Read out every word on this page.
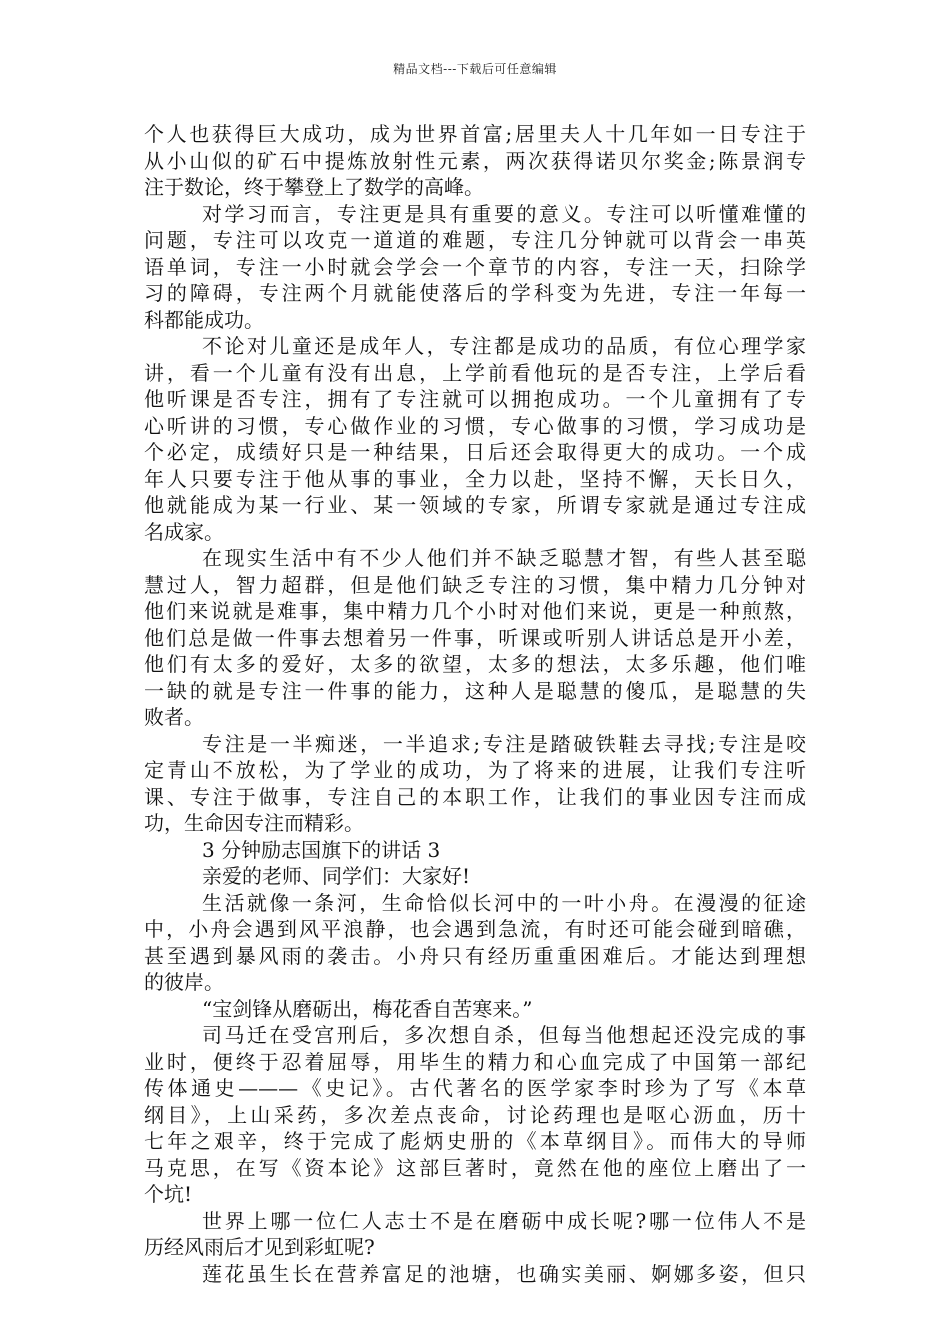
精品文档---下载后可任意编辑
个人也获得巨大成功，成为世界首富;居里夫人十几年如一日专注于
从小山似的矿石中提炼放射性元素，两次获得诺贝尔奖金;陈景润专
注于数论，终于攀登上了数学的高峰。
对学习而言，专注更是具有重要的意义。专注可以听懂难懂的
问题，专注可以攻克一道道的难题，专注几分钟就可以背会一串英
语单词，专注一小时就会学会一个章节的内容，专注一天，扫除学
习的障碍，专注两个月就能使落后的学科变为先进，专注一年每一
科都能成功。
不论对儿童还是成年人，专注都是成功的品质，有位心理学家
讲，看一个儿童有没有出息，上学前看他玩的是否专注，上学后看
他听课是否专注，拥有了专注就可以拥抱成功。一个儿童拥有了专
心听讲的习惯，专心做作业的习惯，专心做事的习惯，学习成功是
个必定，成绩好只是一种结果，日后还会取得更大的成功。一个成
年人只要专注于他从事的事业，全力以赴，坚持不懈，天长日久，
他就能成为某一行业、某一领域的专家，所谓专家就是通过专注成
名成家。
在现实生活中有不少人他们并不缺乏聪慧才智，有些人甚至聪
慧过人，智力超群，但是他们缺乏专注的习惯，集中精力几分钟对
他们来说就是难事，集中精力几个小时对他们来说，更是一种煎熬，
他们总是做一件事去想着另一件事，听课或听别人讲话总是开小差，
他们有太多的爱好，太多的欲望，太多的想法，太多乐趣，他们唯
一缺的就是专注一件事的能力，这种人是聪慧的傻瓜，是聪慧的失
败者。
专注是一半痴迷，一半追求;专注是踏破铁鞋去寻找;专注是咬
定青山不放松，为了学业的成功，为了将来的进展，让我们专注听
课、专注于做事，专注自己的本职工作，让我们的事业因专注而成
功，生命因专注而精彩。
3 分钟励志国旗下的讲话 3
亲爱的老师、同学们：大家好!
生活就像一条河，生命恰似长河中的一叶小舟。在漫漫的征途
中，小舟会遇到风平浪静，也会遇到急流，有时还可能会碰到暗礁，
甚至遇到暴风雨的袭击。小舟只有经历重重困难后。才能达到理想
的彼岸。
“宝剑锋从磨砺出，梅花香自苦寒来。”
司马迁在受宫刑后，多次想自杀，但每当他想起还没完成的事
业时，便终于忍着屈辱，用毕生的精力和心血完成了中国第一部纪
传体通史———《史记》。古代著名的医学家李时珍为了写《本草
纲目》，上山采药，多次差点丧命，讨论药理也是呕心沥血，历十
七年之艰辛，终于完成了彪炳史册的《本草纲目》。而伟大的导师
马克思，在写《资本论》这部巨著时，竟然在他的座位上磨出了一
个坑!
世界上哪一位仁人志士不是在磨砺中成长呢?哪一位伟人不是
历经风雨后才见到彩虹呢?
莲花虽生长在营养富足的池塘，也确实美丽、婀娜多姿，但只
